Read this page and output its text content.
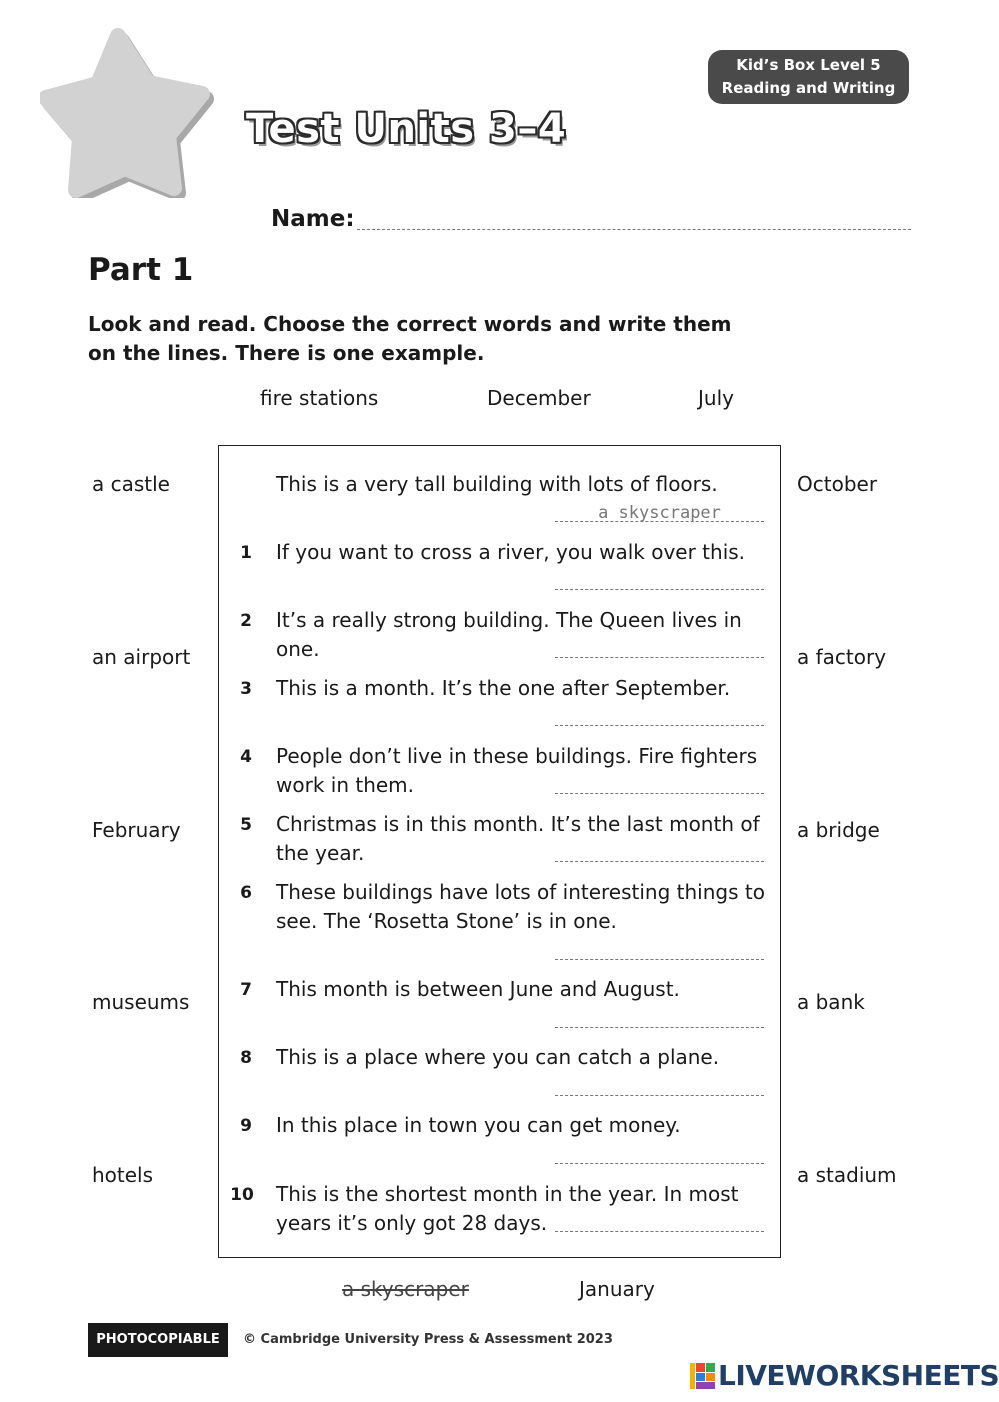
Test Units 3–4
Kid’s Box Level 5
Reading and Writing
Name:
Part 1
Look and read. Choose the correct words and write them on the lines. There is one example.
fire stations	December	July
a castle
an airport
February
museums
hotels
October
a factory
a bridge
a bank
a stadium
a skyscraper	January
This is a very tall building with lots of floors.
a skyscraper
1	If you want to cross a river, you walk over this.
2	It’s a really strong building. The Queen lives in one.
3	This is a month. It’s the one after September.
4	People don’t live in these buildings. Fire fighters work in them.
5	Christmas is in this month. It’s the last month of the year.
6	These buildings have lots of interesting things to see. The ‘Rosetta Stone’ is in one.
7	This month is between June and August.
8	This is a place where you can catch a plane.
9	In this place in town you can get money.
10 This is the shortest month in the year. In most years it’s only got 28 days.
PHOTOCOPIABLE	© Cambridge University Press & Assessment 2023
LIVEWORKSHEETS
